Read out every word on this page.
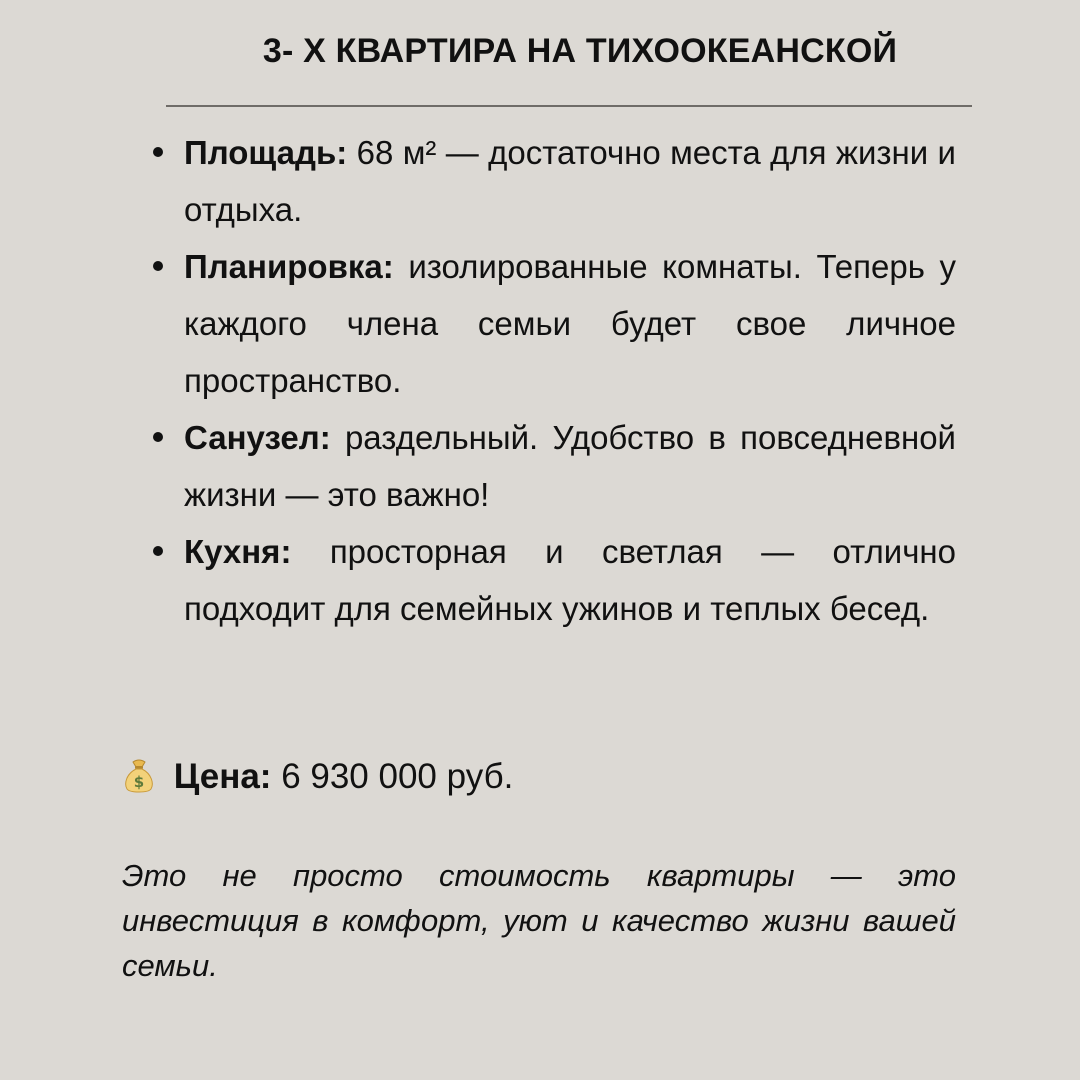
3- Х КВАРТИРА НА ТИХООКЕАНСКОЙ
Площадь: 68 м² — достаточно места для жизни и отдыха.
Планировка: изолированные комнаты. Теперь у каждого члена семьи будет свое личное пространство.
Санузел: раздельный. Удобство в повседневной жизни — это важно!
Кухня: просторная и светлая — отлично подходит для семейных ужинов и теплых бесед.
$ Цена: 6 930 000 руб.

Это не просто стоимость квартиры — это инвестиция в комфорт, уют и качество жизни вашей семьи.
